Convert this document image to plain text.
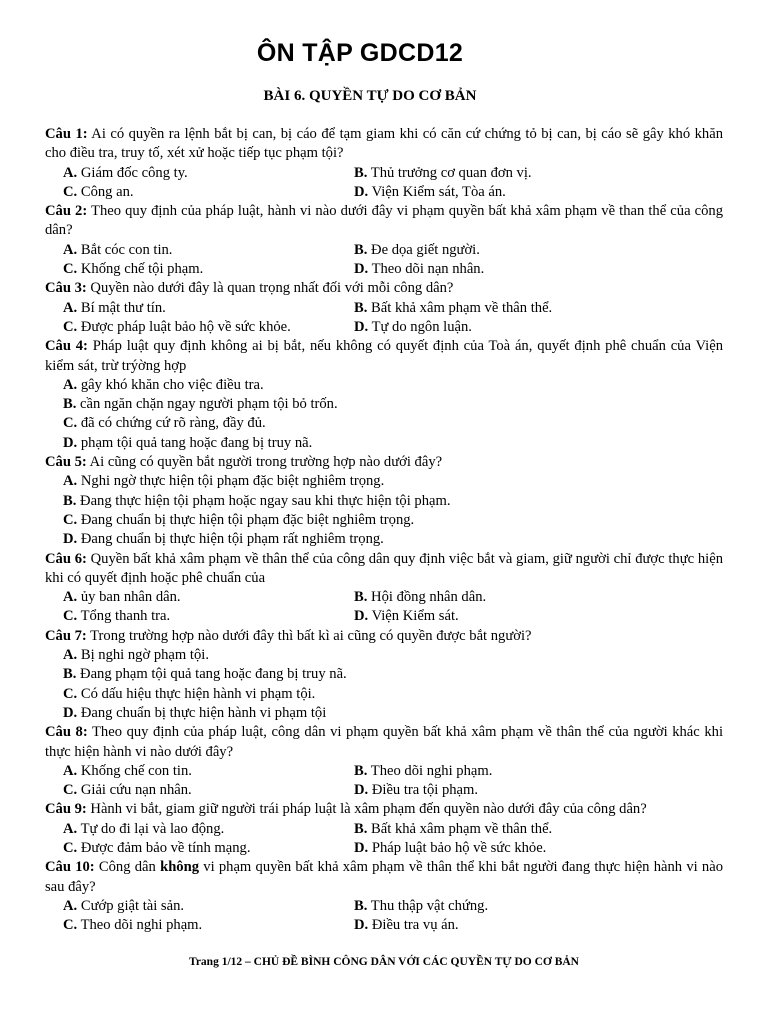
ÔN TẬP GDCD12
BÀI 6. QUYỀN TỰ DO CƠ BẢN
Câu 1: Ai có quyền ra lệnh bắt bị can, bị cáo để tạm giam khi có căn cứ chứng tỏ bị can, bị cáo sẽ gây khó khăn cho điều tra, truy tố, xét xử hoặc tiếp tục phạm tội?
A. Giám đốc công ty.	B. Thủ trưởng cơ quan đơn vị.
C. Công an.	D. Viện Kiểm sát, Tòa án.
Câu 2: Theo quy định của pháp luật, hành vi nào dưới đây vi phạm quyền bất khả xâm phạm về than thể của công dân?
A. Bắt cóc con tin.	B. Đe dọa giết người.
C. Khống chế tội phạm.	D. Theo dõi nạn nhân.
Câu 3: Quyền nào dưới đây là quan trọng nhất đối với mỗi công dân?
A. Bí mật thư tín.	B. Bất khả xâm phạm về thân thể.
C. Được pháp luật bảo hộ về sức khỏe.	D. Tự do ngôn luận.
Câu 4: Pháp luật quy định không ai bị bắt, nếu không có quyết định của Toà án, quyết định phê chuẩn của Viện kiểm sát, trừ trýờng hợp
A. gây khó khăn cho việc điều tra.
B. cần ngăn chặn ngay người phạm tội bỏ trốn.
C. đã có chứng cứ rõ ràng, đầy đủ.
D. phạm tội quả tang hoặc đang bị truy nã.
Câu 5: Ai cũng có quyền bắt người trong trường hợp nào dưới đây?
A. Nghi ngờ thực hiện tội phạm đặc biệt nghiêm trọng.
B. Đang thực hiện tội phạm hoặc ngay sau khi thực hiện tội phạm.
C. Đang chuẩn bị thực hiện tội phạm đặc biệt nghiêm trọng.
D. Đang chuẩn bị thực hiện tội phạm rất nghiêm trọng.
Câu 6: Quyền bất khả xâm phạm về thân thể của công dân quy định việc bắt và giam, giữ người chỉ được thực hiện khi có quyết định hoặc phê chuẩn của
A. ủy ban nhân dân.	B. Hội đồng nhân dân.
C. Tổng thanh tra.	D. Viện Kiểm sát.
Câu 7: Trong trường hợp nào dưới đây thì bất kì ai cũng có quyền được bắt người?
A. Bị nghi ngờ phạm tội.
B. Đang phạm tội quả tang hoặc đang bị truy nã.
C. Có dấu hiệu thực hiện hành vi phạm tội.
D. Đang chuẩn bị thực hiện hành vi phạm tội
Câu 8: Theo quy định của pháp luật, công dân vi phạm quyền bất khả xâm phạm về thân thể của người khác khi thực hiện hành vi nào dưới đây?
A. Khống chế con tin.	B. Theo dõi nghi phạm.
C. Giải cứu nạn nhân.	D. Điều tra tội phạm.
Câu 9: Hành vi bắt, giam giữ người trái pháp luật là xâm phạm đến quyền nào dưới đây của công dân?
A. Tự do đi lại và lao động.	B. Bất khả xâm phạm về thân thể.
C. Được đảm bảo về tính mạng.	D. Pháp luật bảo hộ về sức khỏe.
Câu 10: Công dân không vi phạm quyền bất khả xâm phạm về thân thể khi bắt người đang thực hiện hành vi nào sau đây?
A. Cướp giật tài sản.	B. Thu thập vật chứng.
C. Theo dõi nghi phạm.	D. Điều tra vụ án.
Trang 1/12 – CHỦ ĐỀ BÌNH CÔNG DÂN VỚI CÁC QUYỀN TỰ DO CƠ BẢN
